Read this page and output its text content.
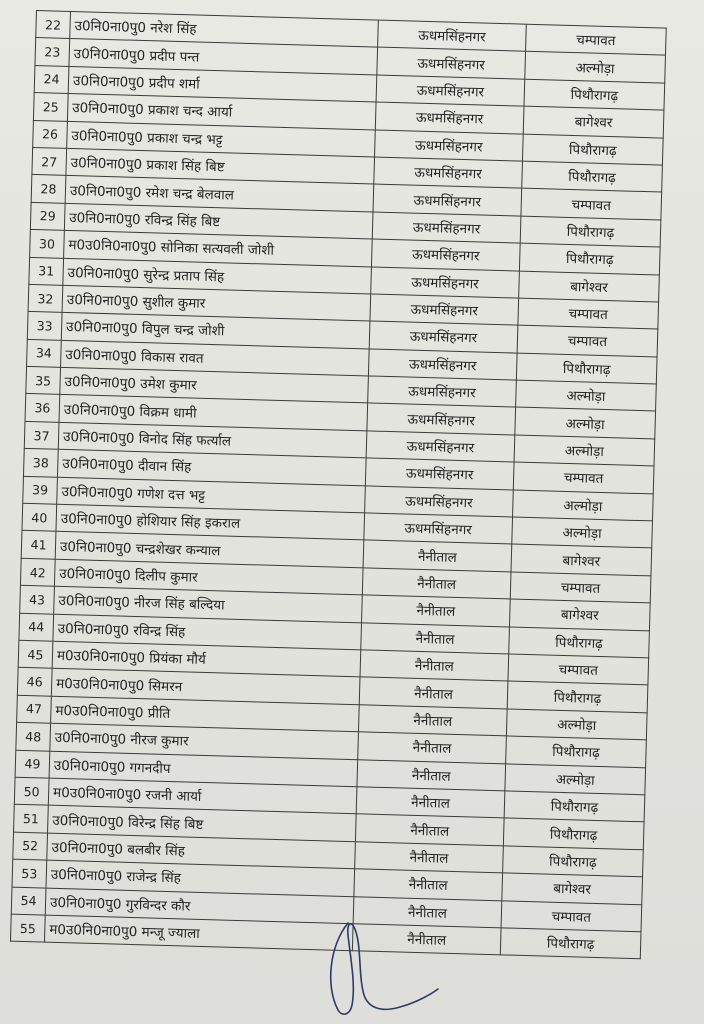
22	उ0नि0ना0पु0 नरेश सिंह	ऊधमसिंहनगर	चम्पावत
23	उ0नि0ना0पु0 प्रदीप पन्त	ऊधमसिंहनगर	अल्मोड़ा
24	उ0नि0ना0पु0 प्रदीप शर्मा	ऊधमसिंहनगर	पिथौरागढ़
25	उ0नि0ना0पु0 प्रकाश चन्द आर्या	ऊधमसिंहनगर	बागेश्वर
26	उ0नि0ना0पु0 प्रकाश चन्द्र भट्ट	ऊधमसिंहनगर	पिथौरागढ़
27	उ0नि0ना0पु0 प्रकाश सिंह बिष्ट	ऊधमसिंहनगर	पिथौरागढ़
28	उ0नि0ना0पु0 रमेश चन्द्र बेलवाल	ऊधमसिंहनगर	चम्पावत
29	उ0नि0ना0पु0 रविन्द्र सिंह बिष्ट	ऊधमसिंहनगर	पिथौरागढ़
30	म0उ0नि0ना0पु0 सोनिका सत्यवली जोशी	ऊधमसिंहनगर	पिथौरागढ़
31	उ0नि0ना0पु0 सुरेन्द्र प्रताप सिंह	ऊधमसिंहनगर	बागेश्वर
32	उ0नि0ना0पु0 सुशील कुमार	ऊधमसिंहनगर	चम्पावत
33	उ0नि0ना0पु0 विपुल चन्द्र जोशी	ऊधमसिंहनगर	चम्पावत
34	उ0नि0ना0पु0 विकास रावत	ऊधमसिंहनगर	पिथौरागढ़
35	उ0नि0ना0पु0 उमेश कुमार	ऊधमसिंहनगर	अल्मोड़ा
36	उ0नि0ना0पु0 विक्रम धामी	ऊधमसिंहनगर	अल्मोड़ा
37	उ0नि0ना0पु0 विनोद सिंह फर्त्याल	ऊधमसिंहनगर	अल्मोड़ा
38	उ0नि0ना0पु0 दीवान सिंह	ऊधमसिंहनगर	चम्पावत
39	उ0नि0ना0पु0 गणेश दत्त भट्ट	ऊधमसिंहनगर	अल्मोड़ा
40	उ0नि0ना0पु0 होशियार सिंह इकराल	ऊधमसिंहनगर	अल्मोड़ा
41	उ0नि0ना0पु0 चन्द्रशेखर कन्याल	नैनीताल	बागेश्वर
42	उ0नि0ना0पु0 दिलीप कुमार	नैनीताल	चम्पावत
43	उ0नि0ना0पु0 नीरज सिंह बल्दिया	नैनीताल	बागेश्वर
44	उ0नि0ना0पु0 रविन्द्र सिंह	नैनीताल	पिथौरागढ़
45	म0उ0नि0ना0पु0 प्रियंका मौर्य	नैनीताल	चम्पावत
46	म0उ0नि0ना0पु0 सिमरन	नैनीताल	पिथौरागढ़
47	म0उ0नि0ना0पु0 प्रीति	नैनीताल	अल्मोड़ा
48	उ0नि0ना0पु0 नीरज कुमार	नैनीताल	पिथौरागढ़
49	उ0नि0ना0पु0 गगनदीप	नैनीताल	अल्मोड़ा
50	म0उ0नि0ना0पु0 रजनी आर्या	नैनीताल	पिथौरागढ़
51	उ0नि0ना0पु0 विरेन्द्र सिंह बिष्ट	नैनीताल	पिथौरागढ़
52	उ0नि0ना0पु0 बलबीर सिंह	नैनीताल	पिथौरागढ़
53	उ0नि0ना0पु0 राजेन्द्र सिंह	नैनीताल	बागेश्वर
54	उ0नि0ना0पु0 गुरविन्दर कौर	नैनीताल	चम्पावत
55	म0उ0नि0ना0पु0 मन्जू ज्याला	नैनीताल	पिथौरागढ़
